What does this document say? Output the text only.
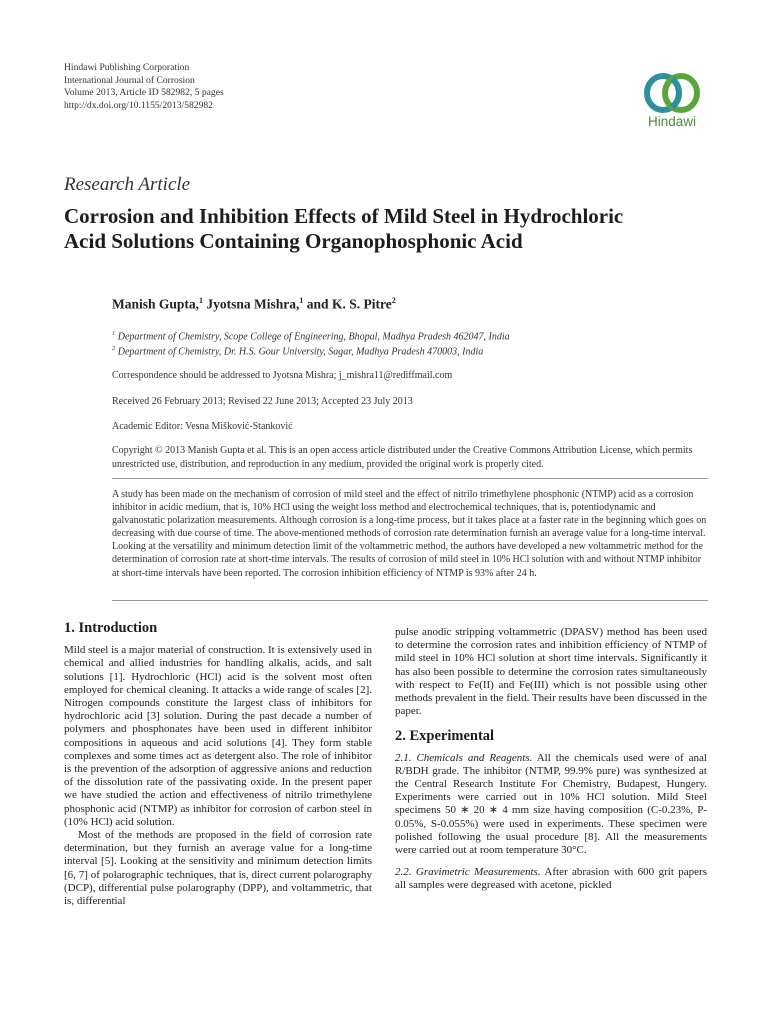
Hindawi Publishing Corporation
International Journal of Corrosion
Volume 2013, Article ID 582982, 5 pages
http://dx.doi.org/10.1155/2013/582982
Hindawi
Research Article
Corrosion and Inhibition Effects of Mild Steel in Hydrochloric
Acid Solutions Containing Organophosphonic Acid
Manish Gupta,$^1$ Jyotsna Mishra,$^1$ and K. S. Pitre$^2$
$^1$ Department of Chemistry, Scope College of Engineering, Bhopal, Madhya Pradesh 462047, India
$^2$ Department of Chemistry, Dr. H.S. Gour University, Sagar, Madhya Pradesh 470003, India
Correspondence should be addressed to Jyotsna Mishra; j_mishra11@rediffmail.com
Received 26 February 2013; Revised 22 June 2013; Accepted 23 July 2013
Academic Editor: Vesna Mišković-Stanković
Copyright © 2013 Manish Gupta et al. This is an open access article distributed under the Creative Commons Attribution License, which permits unrestricted use, distribution, and reproduction in any medium, provided the original work is properly cited.
A study has been made on the mechanism of corrosion of mild steel and the effect of nitrilo trimethylene phosphonic (NTMP) acid as a corrosion inhibitor in acidic medium, that is, 10% HCl using the weight loss method and electrochemical techniques, that is, potentiodynamic and galvanostatic polarization measurements. Although corrosion is a long-time process, but it takes place at a faster rate in the beginning which goes on decreasing with due course of time. The above-mentioned methods of corrosion rate determination furnish an average value for a long-time interval. Looking at the versatility and minimum detection limit of the voltammetric method, the authors have developed a new voltammetric method for the determination of corrosion rate at short-time intervals. The results of corrosion of mild steel in 10% HCl solution with and without NTMP inhibitor at short-time intervals have been reported. The corrosion inhibition efficiency of NTMP is 93% after 24 h.
1. Introduction
Mild steel is a major material of construction. It is extensively used in chemical and allied industries for handling alkalis, acids, and salt solutions [1]. Hydrochloric (HCl) acid is the solvent most often employed for chemical cleaning. It attacks a wide range of scales [2]. Nitrogen compounds constitute the largest class of inhibitors for hydrochloric acid [3] solution. During the past decade a number of polymers and phosphonates have been used in different inhibitor compositions in aqueous and acid solutions [4]. They form stable complexes and some times act as detergent also. The role of inhibitor is the prevention of the adsorption of aggressive anions and reduction of the dissolution rate of the passivating oxide. In the present paper we have studied the action and effectiveness of nitrilo trimethylene phosphonic acid (NTMP) as inhibitor for corrosion of carbon steel in (10% HCl) acid solution.
Most of the methods are proposed in the field of corrosion rate determination, but they furnish an average value for a long-time interval [5]. Looking at the sensitivity and minimum detection limits [6, 7] of polarographic techniques, that is, direct current polarography (DCP), differential pulse polarography (DPP), and voltammetric, that is, differential
pulse anodic stripping voltammetric (DPASV) method has been used to determine the corrosion rates and inhibition efficiency of NTMP of mild steel in 10% HCl solution at short time intervals. Significantly it has also been possible to determine the corrosion rates simultaneously with respect to Fe(II) and Fe(III) which is not possible using other methods prevalent in the field. Their results have been discussed in the paper.
2. Experimental
2.1. Chemicals and Reagents. All the chemicals used were of anal R/BDH grade. The inhibitor (NTMP, 99.9% pure) was synthesized at the Central Research Institute For Chemistry, Budapest, Hungery. Experiments were carried out in 10% HCl solution. Mild Steel specimens 50 ∗ 20 ∗ 4 mm size having composition (C-0.23%, P-0.05%, S-0.055%) were used in experiments. These specimen were polished following the usual procedure [8]. All the measurements were carried out at room temperature 30°C.
2.2. Gravimetric Measurements. After abrasion with 600 grit papers all samples were degreased with acetone, pickled
